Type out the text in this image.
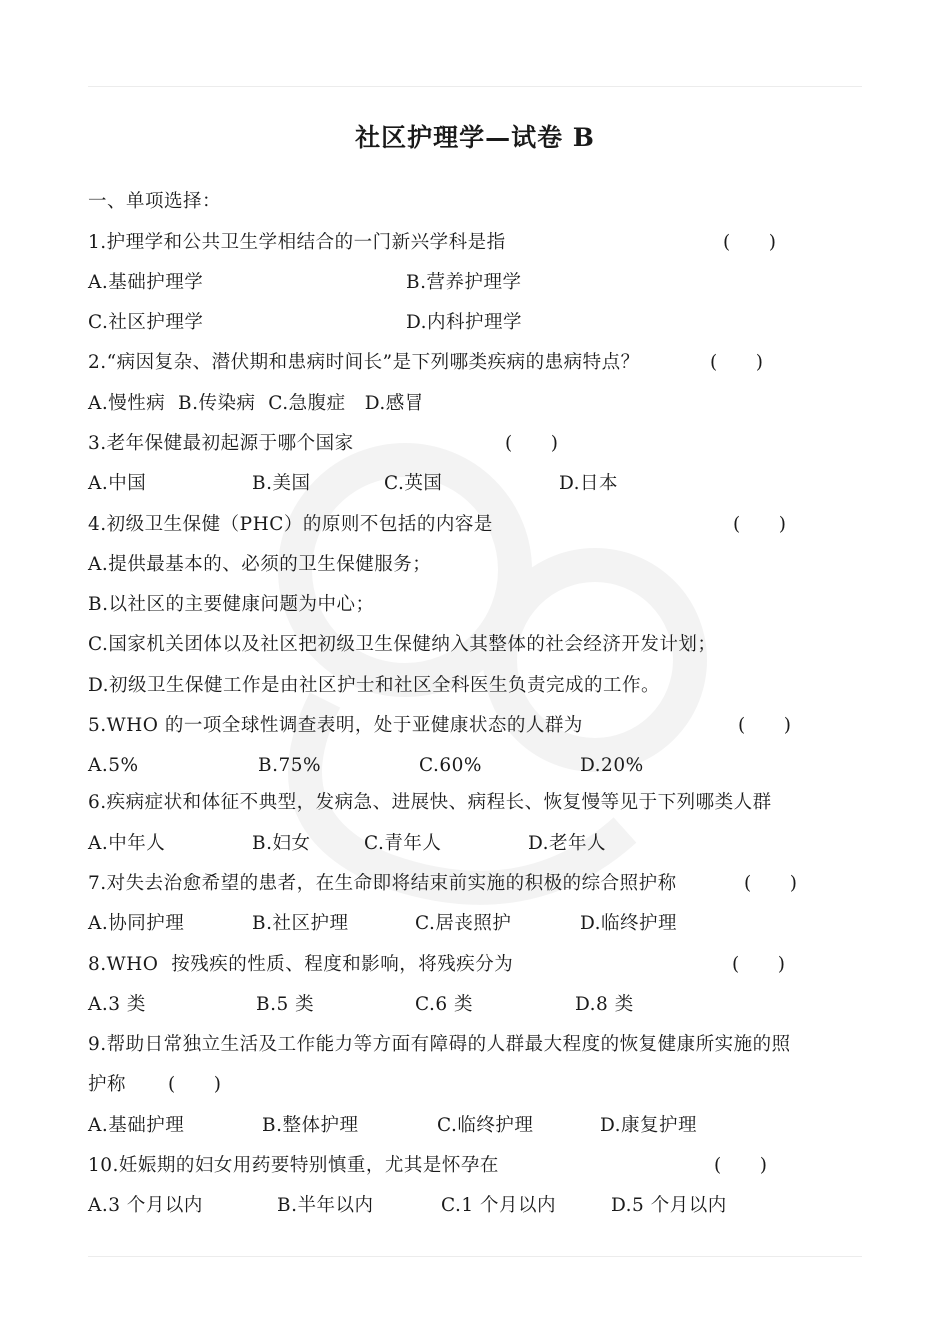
社区护理学—试卷 B
一、单项选择：
1.护理学和公共卫生学相结合的一门新兴学科是指	(　　)
A.基础护理学	B.营养护理学
C.社区护理学	D.内科护理学
2.“病因复杂、潜伏期和患病时间长”是下列哪类疾病的患病特点？	(　　)
A.慢性病  B.传染病  C.急腹症   D.感冒
3.老年保健最初起源于哪个国家	(　　)
A.中国	B.美国	C.英国	D.日本
4.初级卫生保健（PHC）的原则不包括的内容是	(　　)
A.提供最基本的、必须的卫生保健服务；
B.以社区的主要健康问题为中心；
C.国家机关团体以及社区把初级卫生保健纳入其整体的社会经济开发计划；
D.初级卫生保健工作是由社区护士和社区全科医生负责完成的工作。
5.WHO 的一项全球性调查表明，处于亚健康状态的人群为	(　　)
A.5%	B.75%	C.60%	D.20%
6.疾病症状和体征不典型，发病急、进展快、病程长、恢复慢等见于下列哪类人群
A.中年人	B.妇女	C.青年人	D.老年人
7.对失去治愈希望的患者，在生命即将结束前实施的积极的综合照护称	(　　)
A.协同护理	B.社区护理	C.居丧照护	D.临终护理
8.WHO  按残疾的性质、程度和影响，将残疾分为	(　　)
A.3 类	B.5 类	C.6 类	D.8 类
9.帮助日常独立生活及工作能力等方面有障碍的人群最大程度的恢复健康所实施的照
护称 (　　)
A.基础护理	B.整体护理	C.临终护理	D.康复护理
10.妊娠期的妇女用药要特别慎重，尤其是怀孕在	(　　)
A.3 个月以内	B.半年以内	C.1 个月以内	D.5 个月以内
